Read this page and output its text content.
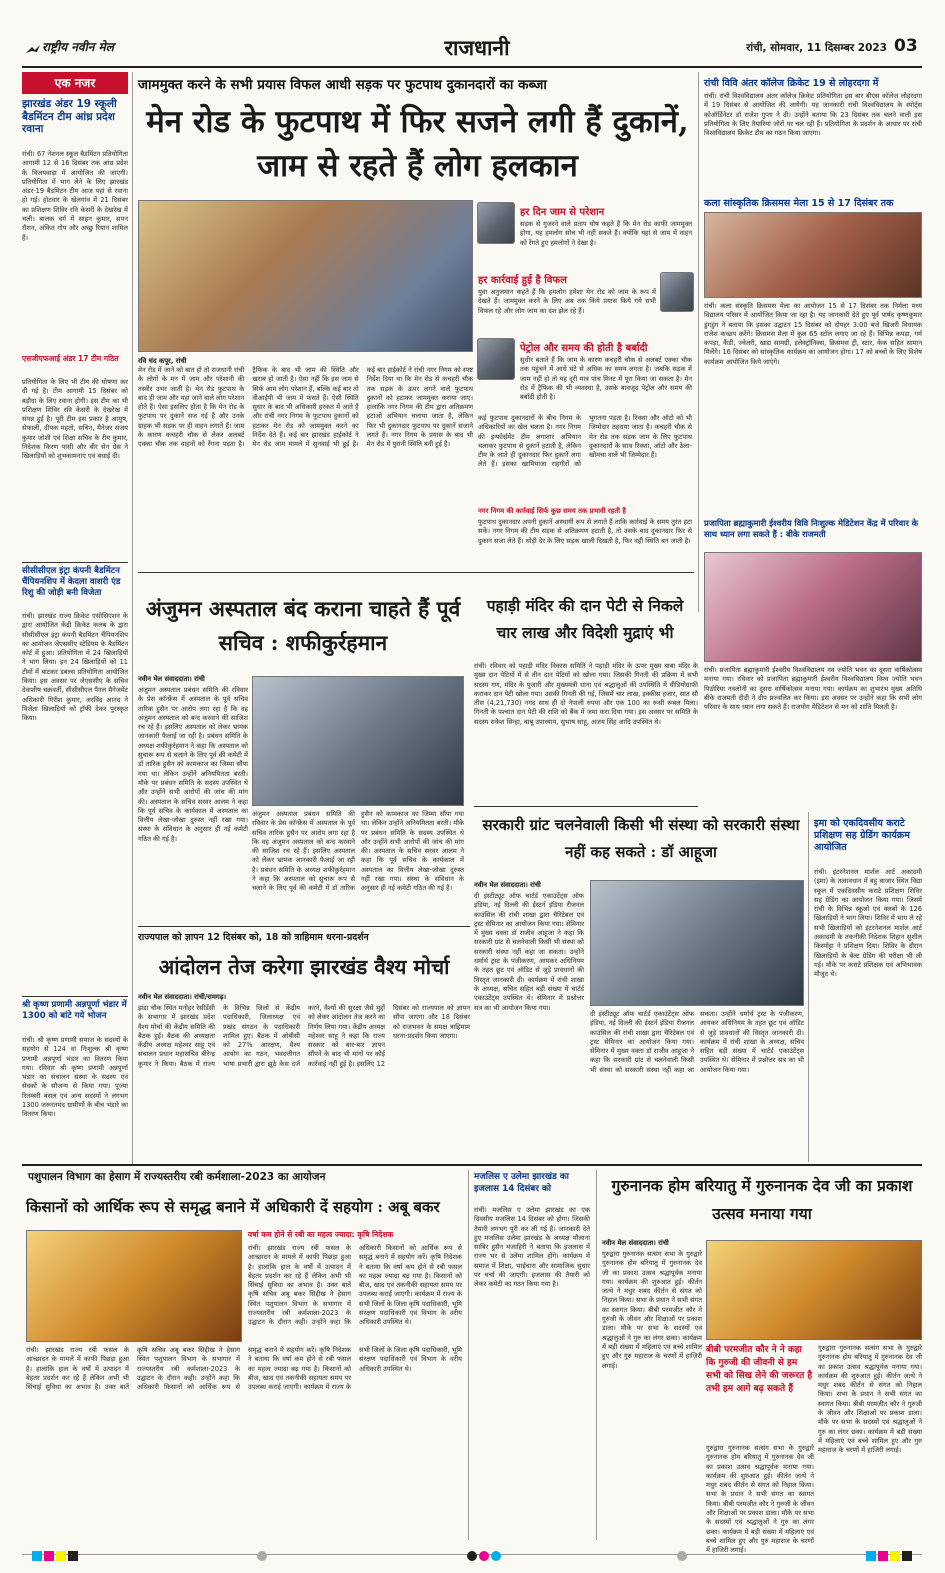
राष्ट्रीय नवीन मेल	राजधानी	रांची, सोमवार, 11 दिसम्बर 2023 03
एक नजर
झारखंड अंडर 19 स्कूली बैडमिंटन टीम आंध्र प्रदेश रवाना
रांची। 67 नेशनल स्कूल बैडमिंटन प्रतियोगिता आगामी 12 से 16 दिसंबर तक आंध्र प्रदेश के विजयवाड़ा में आयोजित की जाएगी। प्रतियोगिता में भाग लेने के लिए झारखंड अंडर-19 बैडमिंटन टीम आज यहां से रवाना हो गई। होटवार के खेलगांव में 21 दिसंबर का प्रशिक्षण शिविर रवि केसरी के देखरेख में चली। बालक वर्ग में साहन कुमार, सपन रौशन, अंकित गोप और अच्छु रियान शामिल हैं।
एसजीएफआई अंडर 17 टीम गठित
प्रतियोगिता के लिए भी टीम की घोषणा कर दी गई है। टीम आगामी 15 दिसंबर को बड़ौदा के लिए रवाना होगी। इस टीम का भी प्रशिक्षण शिविर रवि केसरी के देखरेख में संपन्न हुई है। पूरी टीम इस प्रकार है आयुष, सेफाली, दीपक महतो, सचिन, मैनेजर संजय कुमार जोशी एवं शिक्षा सचिव के रीय कुमार, निदेशक किरण पासी और बीर सेन ग्रेस ने खिलाड़ियों को शुभकामनाएं एवं बधाई दी।
सीसीसीएल इंट्रा कंपनी बैडमिंटन चैंपियनशिप में केदला वाशरी एंड रिशु की जोड़ी बनी विजेता
रांची। झारखंड राज्य क्रिकेट एसोसिएशन के द्वारा आयोजित केंद्री क्रिकेट कलब के द्वारा सीसीसीएल इंट्रा कंपनी बैडमिंटन चैंपियनशिप का आयोजन जेएससीए स्टेडियम के बैडमिंटन कोर्ट में हुआ। प्रतियोगिता में 24 खिलाड़ियों ने भाग लिया। इन 24 खिलाड़ियों को 11 टीमों में बांटकर डबल्स प्रतियोगिता आयोजित किया। इस अवसर पर जेएससीए के सचिव देवाशीष चक्रवर्ती, सीसीसीएल पैनल मैनेजमेंट अधिकारी गिरीश कुमार, अरविंद आनंद ने विजेता खिलाड़ियों को ट्रॉफी देकर पुरस्कृत किया।
श्री कृष्ण प्रणामी अन्नपूर्णा भंडार में 1300 को बांटे गये भोजन
रांची। श्री कृष्ण प्रणामी समाज के सदस्यों के सहयोग से 124 वां निःशुल्क श्री कृष्ण प्रणामी अन्नपूर्णा भंडार का वितरण किया गया। रविवार श्री कृष्ण प्रणामी अन्नपूर्णा भंडार का संचालन संस्था के सदस्य एवं सेवकों के सौजन्य से किया गया। पूज्या रितम्बरी बंसल एवं अन्य सदस्यों ने लगभग 1300 जरूरतमंद ग्रामीणों के बीच भंडारे का वितरण किया।
जाममुक्त करने के सभी प्रयास विफल आधी सड़क पर फुटपाथ दुकानदारों का कब्जा
मेन रोड के फुटपाथ में फिर सजने लगी हैं दुकानें, जाम से रहते हैं लोग हलकान
रवि चंद कपूर, रांची
मेन रोड में जाने को बात हो तो राजधानी रांची के लोगों के मन में जाम और परेशानी की तस्वीर उभर जाती है। मेन रोड फुटपाथ के बाद ही जाम और यहां जाने वाले लोग परेशान होते हैं। ऐसा इसलिए होता है कि मेन रोड के फुटपाथ पर दुकानें सज गई हैं और उनके ग्राहक भी सड़क पर ही वाहन लगाते हैं। जाम के कारण कचहरी चौक से लेकर अलबर्ट एक्का चौक तक वाहनों को रेंगना पड़ता है। ट्रैफिक के बाद भी जाम की स्थिति और खराब हो जाती है। ऐसा नहीं कि इस जाम से सिर्फ आम लोग परेशान हैं, बल्कि कई बार तो वीआईपी भी जाम में फंसते हैं। ऐसी स्थिति सुधार के बाद भी अधिकारी हरकत में आते हैं और रांची नगर निगम के फुटपाथ दुकानों को हटाकर मेन रोड को जाममुक्त करने का निर्देश देते हैं। कई बार झारखंड हाईकोर्ट ने मेन रोड जाम मामले में सुनवाई भी हुई है। कई बार हाईकोर्ट ने रांची नगर निगम को स्पष्ट निर्देश दिया था कि मेन रोड से कचहरी चौक तक सड़क के ऊपर लगने वाले फुटपाथ दुकानों को हटाकर जाममुक्त कराया जाए। हालांकि नगर निगम की टीम द्वारा अतिक्रमण हटाओ अभियान चलाया जाता है, लेकिन फिर भी दुकानदार फुटपाथ पर दुकानें सजाने लगते हैं। नगर निगम के प्रयास के बाद भी मेन रोड में पुरानी स्थिति बनी हुई है।
हर दिन जाम से परेशान
सड़क से गुजरने वाले प्रताप घोष कहते हैं कि मेन रोड काफी जाममुक्त होगा, यह हमलोग सोच भी नहीं सकते हैं। क्योंकि यहां से जाम में वाहन को रेंगते हुए हमलोगों ने देखा है।
हर कार्रवाई हुई है विफल
युवा अनुजमान कहते हैं कि हमलोग हमेशा मेन रोड को जाम के रूप में देखते हैं। जाममुक्त करने के लिए अब तक किये प्रयास किये गये सभी विफल रहे और लोग जाम का दंश झेल रहे हैं।
पेट्रोल और समय की होती है बर्बादी
सुधीर बताते हैं कि जाम के कारण कचहरी चौक से अलबर्ट एक्का चौक तक पहुंचने में आधे घंटे से अधिक का समय लगता है। जबकि सड़क में जाम नहीं हो तो यह दूरी मात्र पांच मिनट में पूरा किया जा सकता है। मेन रोड में ट्रैफिक की भी व्यवस्था है, उसके बावजूद पेट्रोल और समय की बर्बादी होती है।
कई फुटपाथ दुकानदारों के बीच निगम के अधिकारियों का खेल चलता है। नगर निगम की इन्फोर्समेंट टीम लगातार अभियान चलाकर फुटपाथ से दुकानें हटाती है, लेकिन टीम के जाते ही दुकानदार फिर दुकानें लगा लेते हैं। इसका खामियाजा राहगीरों को भुगतना पड़ता है। रिक्शा और ऑटो को भी जिम्मेदार ठहराया जाता है। कचहरी चौक से मेन रोड तक सड़क जाम के लिए फुटपाथ दुकानदारों के साथ रिक्शा, ऑटो और ठेला-खोमचा वाले भी जिम्मेदार हैं।
नगर निगम की कार्रवाई सिर्फ कुछ समय तक प्रभावी रहती है
फुटपाथ दुकानदार अपनी दुकानें अस्थायी रूप से लगाते हैं ताकि कार्रवाई के समय तुरंत हटा सकें। नगर निगम की टीम सड़क से अतिक्रमण हटाती है, तो उसके बाद दुकानदार फिर से दुकान सजा लेते हैं। थोड़ी देर के लिए सड़क खाली दिखती है, फिर वही स्थिति बन जाती है।
रांची विवि अंतर कॉलेज क्रिकेट 19 से लोहरदगा में
रांची। रांची विश्वविद्यालय अंतर कॉलेज क्रिकेट प्रतियोगिता इस बार बीएस कॉलेज लोहरदगा में 19 दिसंबर से आयोजित की जायेगी। यह जानकारी रांची विश्वविद्यालय के स्पोर्ट्स कोऑर्डिनेटर डॉ राजेश गुप्ता ने दी। उन्होंने बताया कि 23 दिसंबर तक चलने वाली इस प्रतियोगिता के लिए तैयारियां जोरों पर चल रही हैं। प्रतियोगिता के प्रदर्शन के आधार पर रांची विश्वविद्यालय क्रिकेट टीम का गठन किया जाएगा।
कला सांस्कृतिक क्रिसमस मेला 15 से 17 दिसंबर तक
रांची। कला संस्कृति क्रिसमस मेला का आयोजन 15 से 17 दिसंबर तक निर्मला मध्य विद्यालय परिसर में आयोजित किया जा रहा है। यह जानकारी देते हुए पूर्व पार्षद कृष्णकुमार डुंगडुंग ने बताया कि इसका उद्घाटन 15 दिसंबर को दोपहर 3:00 बजे खिजरी विधायक राजेश कच्छप करेंगे। क्रिसमस मेला में कुल 65 स्टॉल लगाए जा रहे हैं। विभिन्न कपड़ा, गर्म कपड़ा, कैंडी, ज्वेलरी, खाद्य सामग्री, इलेक्ट्रॉनिक्स, क्रिसमस ट्री, स्टार, केक सहित सामान मिलेंगे। 16 दिसंबर को सांस्कृतिक कार्यक्रम का आयोजन होगा। 17 को बच्चों के लिए विशेष कार्यक्रम आयोजित किये जाएंगे।
प्रजापिता ब्रह्माकुमारी ईश्वरीय विवि निःशुल्क मेडिटेशन केंद्र में परिवार के साथ ध्यान लगा सकते हैं : बीके राजमती
रांची। प्रजापिता ब्रह्माकुमारी ईश्वरीय विश्वविद्यालय नव ज्योति भवन का दूसरा वार्षिकोत्सव मनाया गया। रविवार को प्रजापिता ब्रह्माकुमारी ईश्वरीय विश्वविद्यालय विश्व ज्योति भवन पिठोरिया नवलोनी का दूसरा वार्षिकोत्सव मनाया गया। कार्यक्रम का शुभारंभ मुख्य अतिथि बीके राजमती दीदी ने दीप प्रज्वलित कर किया। इस अवसर पर उन्होंने कहा कि सभी लोग परिवार के साथ ध्यान लगा सकते हैं। राजयोग मेडिटेशन से मन को शांति मिलती है।
अंजुमन अस्पताल बंद कराना चाहते हैं पूर्व सचिव : शफीकुर्रहमान
नवीन मेल संवाददाता। रांची
अंजुमन अस्पताल प्रबंधन समिति की रविवार के प्रेस कॉन्फ्रेंस में अस्पताल के पूर्व सचिव तारिक हुसैन पर आरोप लगा रहा है कि वह अंजुमन अस्पताल को बन्द करवाने की साजिश रच रहे हैं। इसलिए अस्पताल को लेकर भ्रामक जानकारी फैलाई जा रही है। प्रबंधन समिति के अध्यक्ष शफीकुर्रहमान ने कहा कि अस्पताल को सुचारू रूप से चलाने के लिए पूर्व की कमेटी में डॉ तारिक हुसैन को कामकाज का जिम्मा सौंपा गया था। लेकिन उन्होंने अनियमितता बरती। मौके पर प्रबंधन समिति के सदस्य उपस्थित थे और उन्होंने सभी आरोपों की जांच की मांग की। अस्पताल के सचिव सरवर आलम ने कहा कि पूर्व सचिव के कार्यकाल में अस्पताल का वित्तीय लेखा-जोखा दुरुस्त नहीं रखा गया। संस्था के संविधान के अनुसार ही नई कमेटी गठित की गई है।
अंजुमन अस्पताल प्रबंधन समिति की रविवार के प्रेस कॉन्फ्रेंस में अस्पताल के पूर्व सचिव तारिक हुसैन पर आरोप लगा रहा है कि वह अंजुमन अस्पताल को बन्द करवाने की साजिश रच रहे हैं। इसलिए अस्पताल को लेकर भ्रामक जानकारी फैलाई जा रही है। प्रबंधन समिति के अध्यक्ष शफीकुर्रहमान ने कहा कि अस्पताल को सुचारू रूप से चलाने के लिए पूर्व की कमेटी में डॉ तारिक हुसैन को कामकाज का जिम्मा सौंपा गया था। लेकिन उन्होंने अनियमितता बरती। मौके पर प्रबंधन समिति के सदस्य उपस्थित थे और उन्होंने सभी आरोपों की जांच की मांग की। अस्पताल के सचिव सरवर आलम ने कहा कि पूर्व सचिव के कार्यकाल में अस्पताल का वित्तीय लेखा-जोखा दुरुस्त नहीं रखा गया। संस्था के संविधान के अनुसार ही नई कमेटी गठित की गई है।
पहाड़ी मंदिर की दान पेटी से निकले चार लाख और विदेशी मुद्राएं भी
रांची। रविवार को पहाड़ी मंदिर विकास समिति ने पहाड़ी मंदिर के ऊपर मुख्य बाबा मंदिर के मुख्य दान पेटियों में से तीन दान पेटियों को खोला गया। जिसकी गिनती की प्रक्रिया में सभी सदस्य गण, मंदिर के पुजारी और मुख्यमंत्री धाना एवं श्रद्धालुओं की उपस्थिति में वीडियोग्राफी कराकर दान पेटी खोला गया। उसकी गिनती की गई, जिसमें चार लाख, इक्कीस हजार, सात सौ तीस (4,21,730) नगद साथ ही दो नेपाली रुपया और एक 100 का रूसी रूबल मिला। गिनती के पश्चात दान पेटी की राशि को बैंक में जमा करा दिया गया। इस अवसर पर समिति के सदस्य राकेश सिन्हा, बाबू उपाध्याय, सुभाष साहू, अजय सिंह आदि उपस्थित थे।
सरकारी ग्रांट चलनेवाली किसी भी संस्था को सरकारी संस्था नहीं कह सकते : डॉ आहूजा
नवीन मेल संवाददाता। रांची
दी इंस्टीट्यूट ऑफ चार्टर्ड एकाउंटेंट्स ऑफ इंडिया, नई दिल्ली की ईस्टर्न इंडिया रीजनल काउंसिल की रांची शाखा द्वारा चैरिटेबल एवं ट्रस्ट सेमिनार का आयोजन किया गया। सेमिनार में मुख्य वक्ता डॉ राजीव आहूजा ने कहा कि सरकारी ग्रांट से चलनेवाली किसी भी संस्था को सरकारी संस्था नहीं कहा जा सकता। उन्होंने धर्मार्थ ट्रस्ट के पंजीकरण, आयकर अधिनियम के तहत छूट एवं ऑडिट से जुड़े प्रावधानों की विस्तृत जानकारी दी। कार्यक्रम में रांची शाखा के अध्यक्ष, सचिव सहित बड़ी संख्या में चार्टर्ड एकाउंटेंट्स उपस्थित थे। सेमिनार में प्रश्नोत्तर सत्र का भी आयोजन किया गया।
दी इंस्टीट्यूट ऑफ चार्टर्ड एकाउंटेंट्स ऑफ इंडिया, नई दिल्ली की ईस्टर्न इंडिया रीजनल काउंसिल की रांची शाखा द्वारा चैरिटेबल एवं ट्रस्ट सेमिनार का आयोजन किया गया। सेमिनार में मुख्य वक्ता डॉ राजीव आहूजा ने कहा कि सरकारी ग्रांट से चलनेवाली किसी भी संस्था को सरकारी संस्था नहीं कहा जा सकता। उन्होंने धर्मार्थ ट्रस्ट के पंजीकरण, आयकर अधिनियम के तहत छूट एवं ऑडिट से जुड़े प्रावधानों की विस्तृत जानकारी दी। कार्यक्रम में रांची शाखा के अध्यक्ष, सचिव सहित बड़ी संख्या में चार्टर्ड एकाउंटेंट्स उपस्थित थे। सेमिनार में प्रश्नोत्तर सत्र का भी आयोजन किया गया।
इमा को एकदिवसीय कराटे प्रशिक्षण सह ग्रेडिंग कार्यक्रम आयोजित
रांची। इंटरनेशनल मार्शल आर्ट अकादमी (इमा) के तत्वावधान में बहु बाजार स्थित विद्या स्कूल में एकदिवसीय कराटे प्रशिक्षण शिविर सह ग्रेडिंग का आयोजन किया गया। जिसमें रांची के विभिन्न स्कूलों एवं क्लबों के 126 खिलाड़ियों ने भाग लिया। शिविर में भाग ले रहे सभी खिलाड़ियों को इंटरनेशनल मार्शल आर्ट अकादमी के तकनीकी निदेशक शिहान सुशील किस्पोट्टा ने प्रशिक्षण दिया। शिविर के दौरान खिलाड़ियों के बेल्ट ग्रेडिंग की परीक्षा भी ली गई। मौके पर कराटे प्रशिक्षक एवं अभिभावक मौजूद थे।
राज्यपाल को ज्ञापन 12 दिसंबर को, 18 को त्राहिमाम धरना-प्रदर्शन
आंदोलन तेज करेगा झारखंड वैश्य मोर्चा
नवीन मेल संवाददाता। रांची/रामगढ़।
झंडा चौक स्थित मनोहर रेसीडेंसी के सभागार में झारखंड प्रदेश वैश्य मोर्चा की केंद्रीय समिति की बैठक हुई। बैठक की अध्यक्षता केंद्रीय अध्यक्ष महेश्वर साहू एवं संचालन प्रधान महासचिव बीरेन्द्र कुमार ने किया। बैठक में राज्य के विभिन्न जिलों से केंद्रीय पदाधिकारी, जिलाध्यक्ष एवं प्रखंड संगठन के पदाधिकारी शामिल हुए। बैठक में ओबीसी को 27% आरक्षण, वैश्य आयोग का गठन, भवदत्तीगत भाषा प्रभारी द्वारा झूठे केस दर्ज करने, वैश्यों की सुरक्षा जैसे मुद्दों को लेकर आंदोलन तेज करने का निर्णय लिया गया। केंद्रीय अध्यक्ष महेश्वर साहू ने कहा कि राज्य सरकार को बार-बार ज्ञापन सौंपने के बाद भी मांगों पर कोई कार्रवाई नहीं हुई है। इसलिए 12 दिसंबर को राज्यपाल को ज्ञापन सौंपा जाएगा और 18 दिसंबर को राजभवन के समक्ष त्राहिमाम धरना-प्रदर्शन किया जाएगा।
पशुपालन विभाग का हेसाग में राज्यस्तरीय रबी कर्मशाला-2023 का आयोजन
किसानों को आर्थिक रूप से समृद्ध बनाने में अधिकारी दें सहयोग : अबू बकर
वर्षा कम होने से रबी का महत्व ज्यादा: कृषि निदेशक
रांची। झारखंड राज्य रबी फसल के आच्छादन के मामले में काफी पिछड़ा हुआ है। हालांकि हाल के वर्षों में उत्पादन में बेहतर प्रदर्शन कर रहे हैं लेकिन अभी भी सिंचाई सुविधा का अभाव है। उक्त बातें कृषि सचिव अबू बकर सिद्दीख ने हेसाग स्थित पशुपालन विभाग के सभागार में राज्यस्तरीय रबी कर्मशाला-2023 के उद्घाटन के दौरान कही। उन्होंने कहा कि अधिकारी किसानों को आर्थिक रूप से समृद्ध बनाने में सहयोग करें। कृषि निदेशक ने बताया कि वर्षा कम होने से रबी फसल का महत्व ज्यादा बढ़ गया है। किसानों को बीज, खाद एवं तकनीकी सहायता समय पर उपलब्ध कराई जाएगी। कार्यक्रम में राज्य के सभी जिलों के जिला कृषि पदाधिकारी, भूमि संरक्षण पदाधिकारी एवं विभाग के वरीय अधिकारी उपस्थित थे।
रांची। झारखंड राज्य रबी फसल के आच्छादन के मामले में काफी पिछड़ा हुआ है। हालांकि हाल के वर्षों में उत्पादन में बेहतर प्रदर्शन कर रहे हैं लेकिन अभी भी सिंचाई सुविधा का अभाव है। उक्त बातें कृषि सचिव अबू बकर सिद्दीख ने हेसाग स्थित पशुपालन विभाग के सभागार में राज्यस्तरीय रबी कर्मशाला-2023 के उद्घाटन के दौरान कही। उन्होंने कहा कि अधिकारी किसानों को आर्थिक रूप से समृद्ध बनाने में सहयोग करें। कृषि निदेशक ने बताया कि वर्षा कम होने से रबी फसल का महत्व ज्यादा बढ़ गया है। किसानों को बीज, खाद एवं तकनीकी सहायता समय पर उपलब्ध कराई जाएगी। कार्यक्रम में राज्य के सभी जिलों के जिला कृषि पदाधिकारी, भूमि संरक्षण पदाधिकारी एवं विभाग के वरीय अधिकारी उपस्थित थे।
मजलिस ए उलेमा झारखंड का इजलास 14 दिसंबर को
रांची। मजलिस ए उलेमा झारखंड का एक दिवसीय मजलिस 14 दिसंबर को होगा। जिसकी तैयारी लगभग पूरी कर ली गई है। जानकारी देते हुए मजलिस उलेमा झारखंड के अध्यक्ष मौलाना साबिर हुसैन मजाहिरी ने बताया कि इजलास में राज्य भर से उलेमा शामिल होंगे। कार्यक्रम में समाज में शिक्षा, भाईचारा और सामाजिक सुधार पर चर्चा की जाएगी। इजलास की तैयारी को लेकर कमेटी का गठन किया गया है।
गुरुनानक होम बरियातु में गुरुनानक देव जी का प्रकाश उत्सव मनाया गया
नवीन मेल संवाददाता। रांची
गुरुद्वारा गुरुनानक सत्संग सभा के गुरुद्वारे गुरुनानक होम बरियातु में गुरुनानक देव जी का प्रकाश उत्सव श्रद्धापूर्वक मनाया गया। कार्यक्रम की शुरुआत हुई। कीर्तन जत्थे ने मधुर शबद कीर्तन से संगत को निहाल किया। सभा के प्रधान ने सभी संगत का स्वागत किया। बीबी परमजीत कौर ने गुरुजी के जीवन और शिक्षाओं पर प्रकाश डाला। मौके पर सभा के सदस्यों एवं श्रद्धालुओं ने गुरु का लंगर छका। कार्यक्रम में बड़ी संख्या में महिलाएं एवं बच्चे शामिल हुए और गुरु महाराज के चरणों में हाजिरी लगाई।
बीबी परमजीत कौर ने ने कहा कि गुरुजी की जीवनी से हम सभी को सिख लेने की जरूरत है तभी हम आगे बढ़ सकते हैं
गुरुद्वारा गुरुनानक सत्संग सभा के गुरुद्वारे गुरुनानक होम बरियातु में गुरुनानक देव जी का प्रकाश उत्सव श्रद्धापूर्वक मनाया गया। कार्यक्रम की शुरुआत हुई। कीर्तन जत्थे ने मधुर शबद कीर्तन से संगत को निहाल किया। सभा के प्रधान ने सभी संगत का स्वागत किया। बीबी परमजीत कौर ने गुरुजी के जीवन और शिक्षाओं पर प्रकाश डाला। मौके पर सभा के सदस्यों एवं श्रद्धालुओं ने गुरु का लंगर छका। कार्यक्रम में बड़ी संख्या में महिलाएं एवं बच्चे शामिल हुए और गुरु महाराज के चरणों में हाजिरी लगाई।
गुरुद्वारा गुरुनानक सत्संग सभा के गुरुद्वारे गुरुनानक होम बरियातु में गुरुनानक देव जी का प्रकाश उत्सव श्रद्धापूर्वक मनाया गया। कार्यक्रम की शुरुआत हुई। कीर्तन जत्थे ने मधुर शबद कीर्तन से संगत को निहाल किया। सभा के प्रधान ने सभी संगत का स्वागत किया। बीबी परमजीत कौर ने गुरुजी के जीवन और शिक्षाओं पर प्रकाश डाला। मौके पर सभा के सदस्यों एवं श्रद्धालुओं ने गुरु का लंगर छका। कार्यक्रम में बड़ी संख्या में महिलाएं एवं बच्चे शामिल हुए और गुरु महाराज के चरणों में हाजिरी लगाई।
